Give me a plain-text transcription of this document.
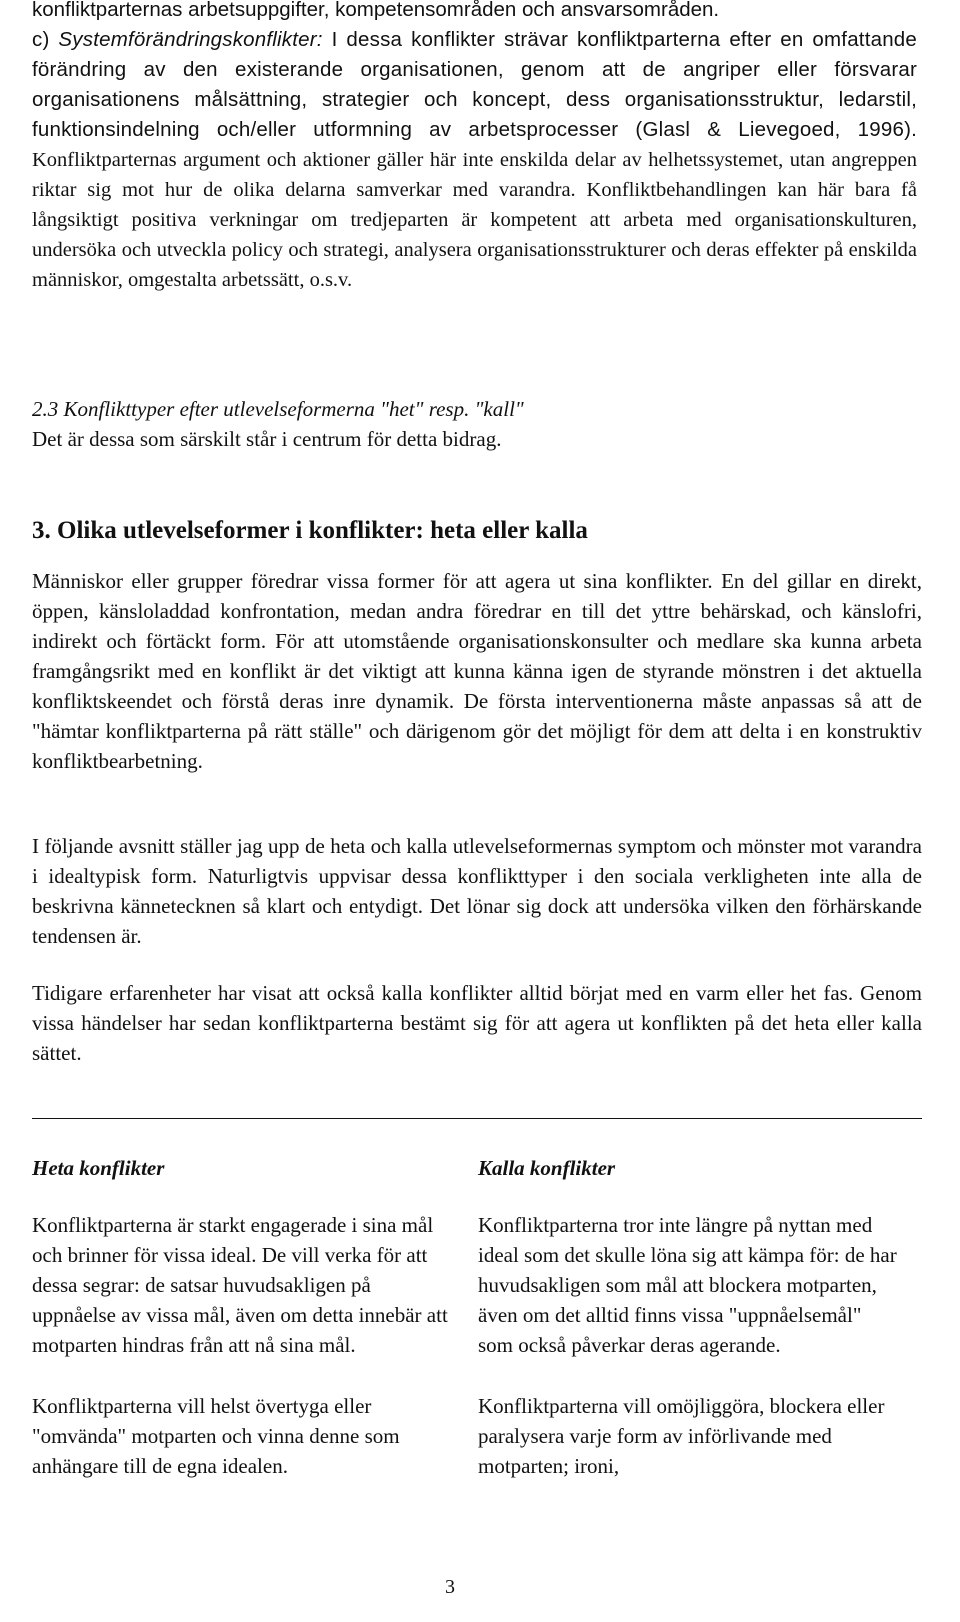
konfliktparternas arbetsuppgifter, kompetensområden och ansvarsområden.

c) Systemförändringskonflikter: I dessa konflikter strävar konfliktparterna efter en omfattande förändring av den existerande organisationen, genom att de angriper eller försvarar organisationens målsättning, strategier och koncept, dess organisationsstruktur, ledarstil, funktionsindelning och/eller utformning av arbetsprocesser (Glasl & Lievegoed, 1996). Konfliktparternas argument och aktioner gäller här inte enskilda delar av helhetssystemet, utan angreppen riktar sig mot hur de olika delarna samverkar med varandra. Konfliktbehandlingen kan här bara få långsiktigt positiva verkningar om tredjeparten är kompetent att arbeta med organisationskulturen, undersöka och utveckla policy och strategi, analysera organisationsstrukturer och deras effekter på enskilda människor, omgestalta arbetssätt, o.s.v.

2.3 Konflikttyper efter utlevelseformerna "het" resp. "kall"

Det är dessa som särskilt står i centrum för detta bidrag.

3. Olika utlevelseformer i konflikter: heta eller kalla

Människor eller grupper föredrar vissa former för att agera ut sina konflikter. En del gillar en direkt, öppen, känsloladdad konfrontation, medan andra föredrar en till det yttre behärskad, och känslofri, indirekt och förtäckt form. För att utomstående organisationskonsulter och medlare ska kunna arbeta framgångsrikt med en konflikt är det viktigt att kunna känna igen de styrande mönstren i det aktuella konfliktskeendet och förstå deras inre dynamik. De första interventionerna måste anpassas så att de "hämtar konfliktparterna på rätt ställe" och därigenom gör det möjligt för dem att delta i en konstruktiv konfliktbearbetning.

I följande avsnitt ställer jag upp de heta och kalla utlevelseformernas symptom och mönster mot varandra i idealtypisk form. Naturligtvis uppvisar dessa konflikttyper i den sociala verkligheten inte alla de beskrivna kännetecknen så klart och entydigt. Det lönar sig dock att undersöka vilken den förhärskande tendensen är.

Tidigare erfarenheter har visat att också kalla konflikter alltid börjat med en varm eller het fas. Genom vissa händelser har sedan konfliktparterna bestämt sig för att agera ut konflikten på det heta eller kalla sättet.

Heta konflikter

Konfliktparterna är starkt engagerade i sina mål och brinner för vissa ideal. De vill verka för att dessa segrar: de satsar huvudsakligen på uppnåelse av vissa mål, även om detta innebär att motparten hindras från att nå sina mål.

Konfliktparterna vill helst övertyga eller "omvända" motparten och vinna denne som anhängare till de egna idealen.

Kalla konflikter

Konfliktparterna tror inte längre på nyttan med ideal som det skulle löna sig att kämpa för: de har huvudsakligen som mål att blockera motparten, även om det alltid finns vissa "uppnåelsemål" som också påverkar deras agerande.

Konfliktparterna vill omöjliggöra, blockera eller paralysera varje form av införlivande med motparten; ironi,

3
